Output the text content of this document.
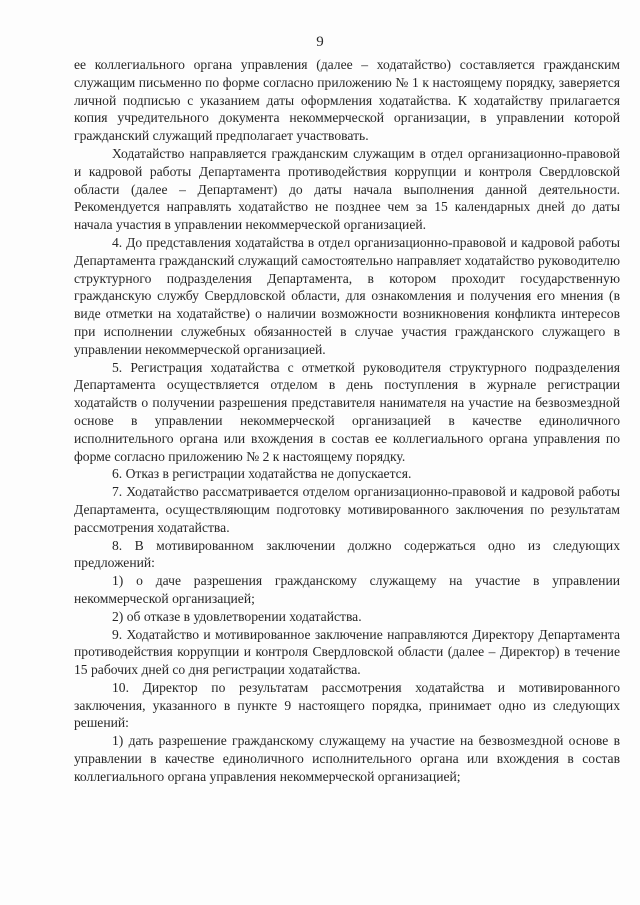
9

ее коллегиального органа управления (далее – ходатайство) составляется гражданским служащим письменно по форме согласно приложению № 1 к настоящему порядку, заверяется личной подписью с указанием даты оформления ходатайства. К ходатайству прилагается копия учредительного документа некоммерческой организации, в управлении которой гражданский служащий предполагает участвовать.

Ходатайство направляется гражданским служащим в отдел организационно-правовой и кадровой работы Департамента противодействия коррупции и контроля Свердловской области (далее – Департамент) до даты начала выполнения данной деятельности. Рекомендуется направлять ходатайство не позднее чем за 15 календарных дней до даты начала участия в управлении некоммерческой организацией.

4. До представления ходатайства в отдел организационно-правовой и кадровой работы Департамента гражданский служащий самостоятельно направляет ходатайство руководителю структурного подразделения Департамента, в котором проходит государственную гражданскую службу Свердловской области, для ознакомления и получения его мнения (в виде отметки на ходатайстве) о наличии возможности возникновения конфликта интересов при исполнении служебных обязанностей в случае участия гражданского служащего в управлении некоммерческой организацией.

5. Регистрация ходатайства с отметкой руководителя структурного подразделения Департамента осуществляется отделом в день поступления в журнале регистрации ходатайств о получении разрешения представителя нанимателя на участие на безвозмездной основе в управлении некоммерческой организацией в качестве единоличного исполнительного органа или вхождения в состав ее коллегиального органа управления по форме согласно приложению № 2 к настоящему порядку.

6. Отказ в регистрации ходатайства не допускается.

7. Ходатайство рассматривается отделом организационно-правовой и кадровой работы Департамента, осуществляющим подготовку мотивированного заключения по результатам рассмотрения ходатайства.

8. В мотивированном заключении должно содержаться одно из следующих предложений:

1) о даче разрешения гражданскому служащему на участие в управлении некоммерческой организацией;

2) об отказе в удовлетворении ходатайства.

9. Ходатайство и мотивированное заключение направляются Директору Департамента противодействия коррупции и контроля Свердловской области (далее – Директор) в течение 15 рабочих дней со дня регистрации ходатайства.

10. Директор по результатам рассмотрения ходатайства и мотивированного заключения, указанного в пункте 9 настоящего порядка, принимает одно из следующих решений:

1) дать разрешение гражданскому служащему на участие на безвозмездной основе в управлении в качестве единоличного исполнительного органа или вхождения в состав коллегиального органа управления некоммерческой организацией;
